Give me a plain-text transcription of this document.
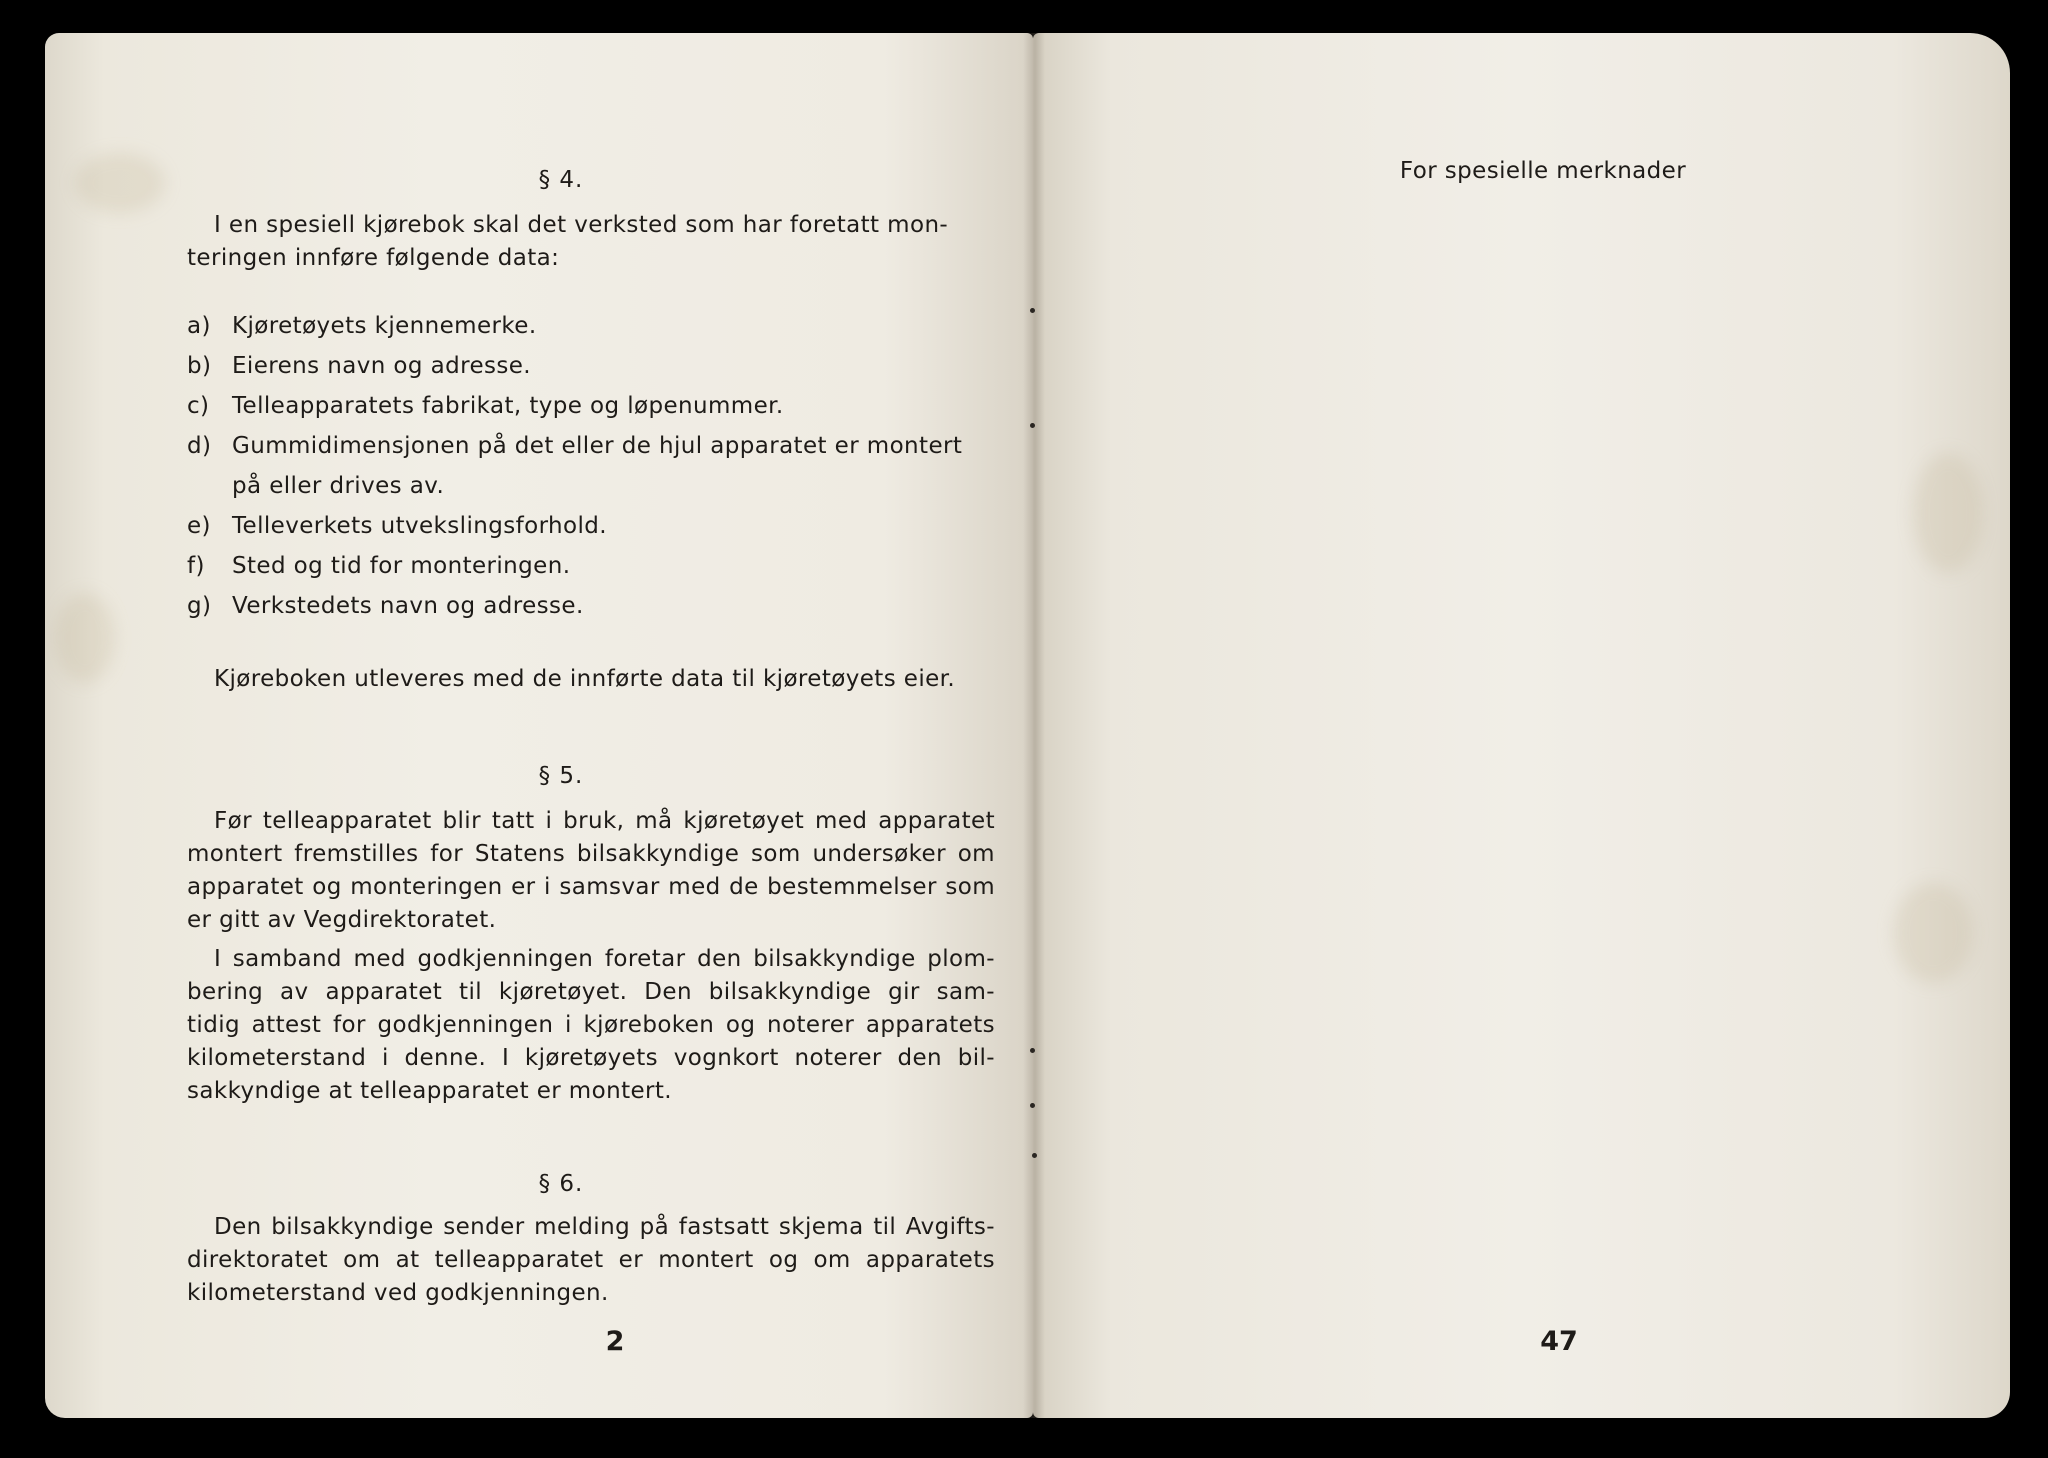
§ 4.
I en spesiell kjørebok skal det verksted som har foretatt mon-
teringen innføre følgende data:
a) Kjøretøyets kjennemerke.
b) Eierens navn og adresse.
c) Telleapparatets fabrikat, type og løpenummer.
d) Gummidimensjonen på det eller de hjul apparatet er montert
på eller drives av.
e) Telleverkets utvekslingsforhold.
f) Sted og tid for monteringen.
g) Verkstedets navn og adresse.
Kjøreboken utleveres med de innførte data til kjøretøyets eier.
§ 5.
Før telleapparatet blir tatt i bruk, må kjøretøyet med apparatet
montert fremstilles for Statens bilsakkyndige som undersøker om
apparatet og monteringen er i samsvar med de bestemmelser som
er gitt av Vegdirektoratet.
I samband med godkjenningen foretar den bilsakkyndige plom-
bering av apparatet til kjøretøyet. Den bilsakkyndige gir sam-
tidig attest for godkjenningen i kjøreboken og noterer apparatets
kilometerstand i denne. I kjøretøyets vognkort noterer den bil-
sakkyndige at telleapparatet er montert.
§ 6.
Den bilsakkyndige sender melding på fastsatt skjema til Avgifts-
direktoratet om at telleapparatet er montert og om apparatets
kilometerstand ved godkjenningen.
2
For spesielle merknader
47
